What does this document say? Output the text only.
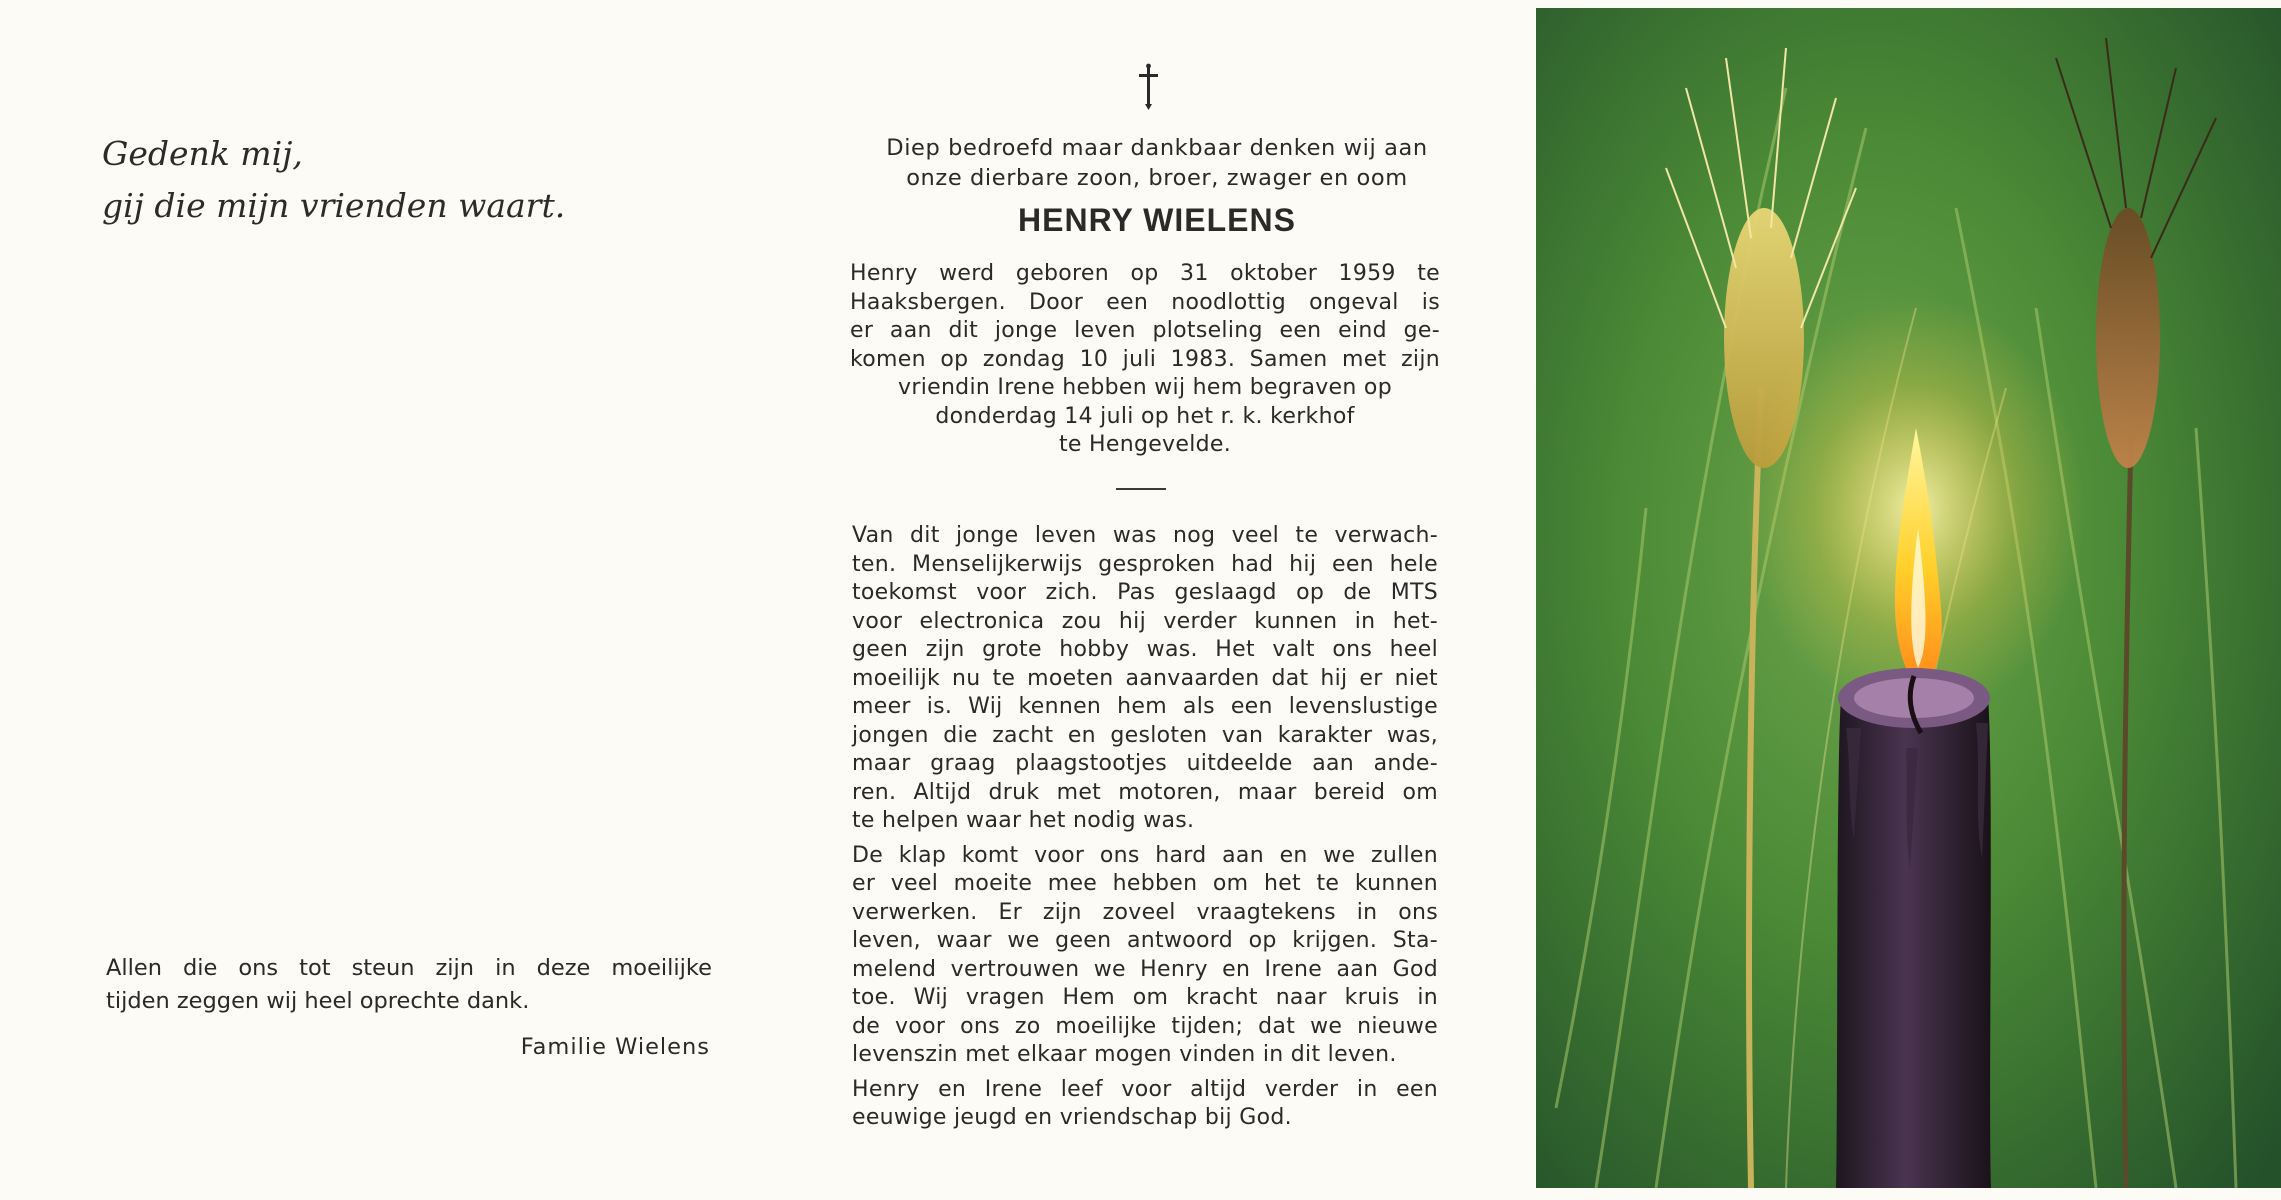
Gedenk mij,
gij die mijn vrienden waart.
Allen die ons tot steun zijn in deze moeilijke
tijden zeggen wij heel oprechte dank.
Familie Wielens
Diep bedroefd maar dankbaar denken wij aan
onze dierbare zoon, broer, zwager en oom
HENRY WIELENS
Henry werd geboren op 31 oktober 1959 te
Haaksbergen. Door een noodlottig ongeval is
er aan dit jonge leven plotseling een eind ge-
komen op zondag 10 juli 1983. Samen met zijn
vriendin Irene hebben wij hem begraven op
donderdag 14 juli op het r. k. kerkhof
te Hengevelde.
Van dit jonge leven was nog veel te verwach-
ten. Menselijkerwijs gesproken had hij een hele
toekomst voor zich. Pas geslaagd op de MTS
voor electronica zou hij verder kunnen in het-
geen zijn grote hobby was. Het valt ons heel
moeilijk nu te moeten aanvaarden dat hij er niet
meer is. Wij kennen hem als een levenslustige
jongen die zacht en gesloten van karakter was,
maar graag plaagstootjes uitdeelde aan ande-
ren. Altijd druk met motoren, maar bereid om
te helpen waar het nodig was.
De klap komt voor ons hard aan en we zullen
er veel moeite mee hebben om het te kunnen
verwerken. Er zijn zoveel vraagtekens in ons
leven, waar we geen antwoord op krijgen. Sta-
melend vertrouwen we Henry en Irene aan God
toe. Wij vragen Hem om kracht naar kruis in
de voor ons zo moeilijke tijden; dat we nieuwe
levenszin met elkaar mogen vinden in dit leven.
Henry en Irene leef voor altijd verder in een
eeuwige jeugd en vriendschap bij God.
